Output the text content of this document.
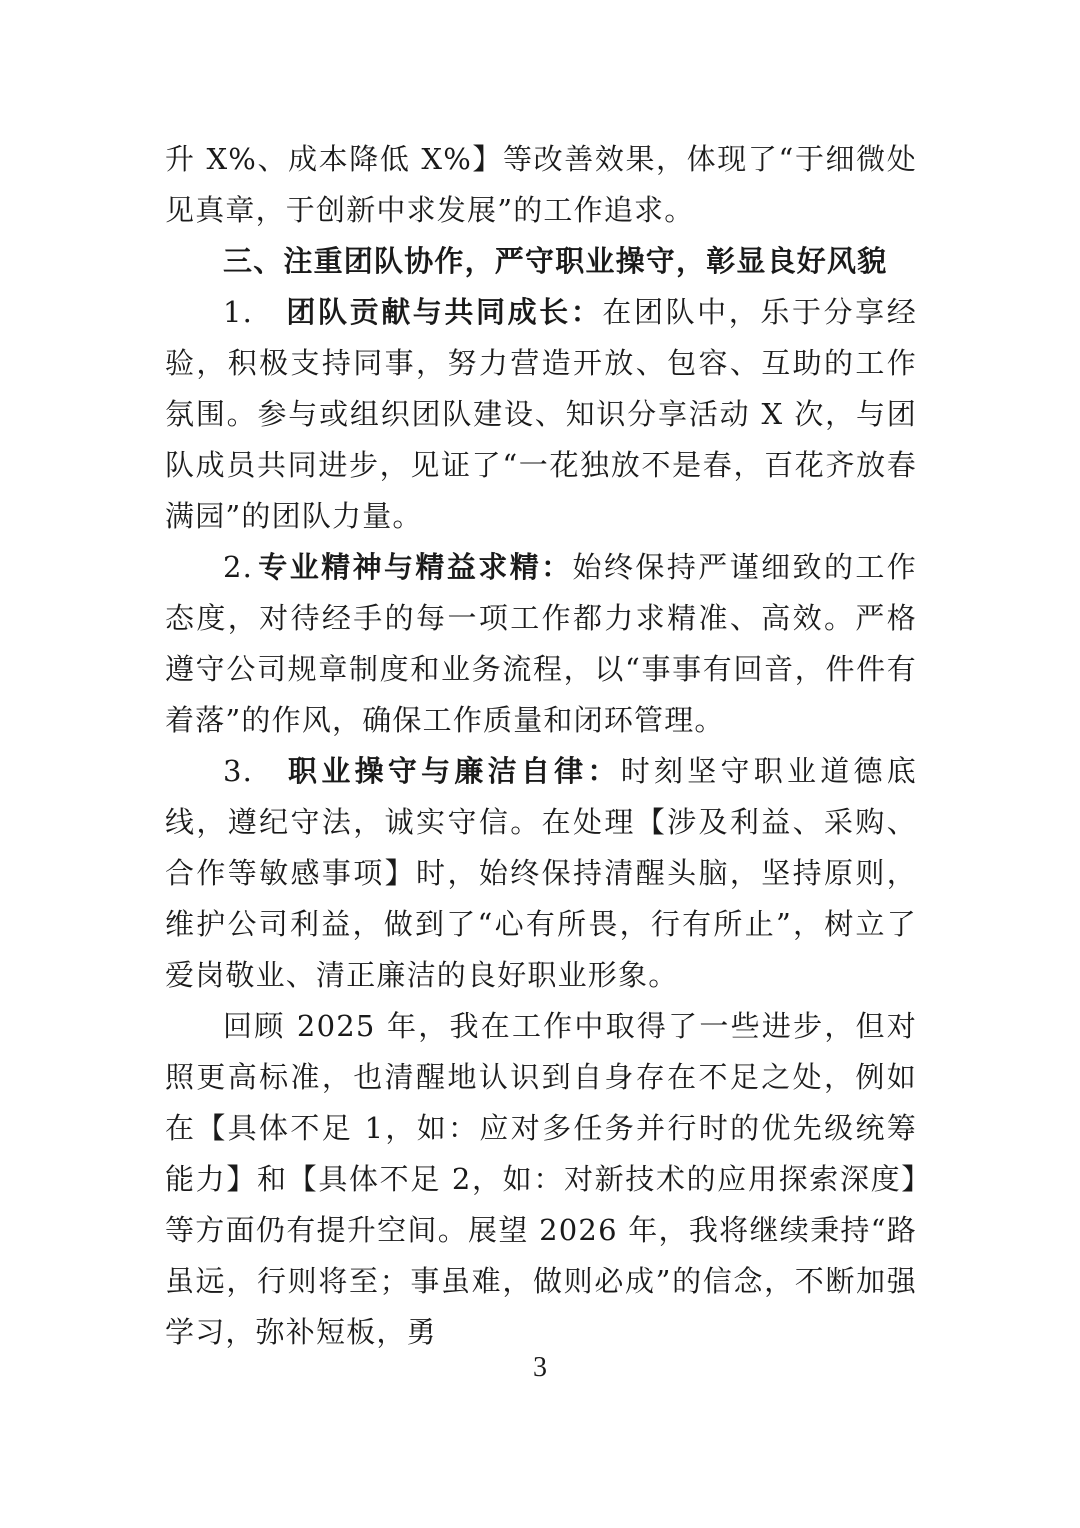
升 X%、成本降低 X%】等改善效果，体现了“于细微处见真章，于创新中求发展”的工作追求。

三、注重团队协作，严守职业操守，彰显良好风貌

1. 团队贡献与共同成长：在团队中，乐于分享经验，积极支持同事，努力营造开放、包容、互助的工作氛围。参与或组织团队建设、知识分享活动 X 次，与团队成员共同进步，见证了“一花独放不是春，百花齐放春满园”的团队力量。

2. 专业精神与精益求精：始终保持严谨细致的工作态度，对待经手的每一项工作都力求精准、高效。严格遵守公司规章制度和业务流程，以“事事有回音，件件有着落”的作风，确保工作质量和闭环管理。

3. 职业操守与廉洁自律：时刻坚守职业道德底线，遵纪守法，诚实守信。在处理【涉及利益、采购、合作等敏感事项】时，始终保持清醒头脑，坚持原则，维护公司利益，做到了“心有所畏，行有所止”，树立了爱岗敬业、清正廉洁的良好职业形象。

回顾 2025 年，我在工作中取得了一些进步，但对照更高标准，也清醒地认识到自身存在不足之处，例如在【具体不足 1，如：应对多任务并行时的优先级统筹能力】和【具体不足 2，如：对新技术的应用探索深度】等方面仍有提升空间。展望 2026 年，我将继续秉持“路虽远，行则将至；事虽难，做则必成”的信念，不断加强学习，弥补短板，勇

3
